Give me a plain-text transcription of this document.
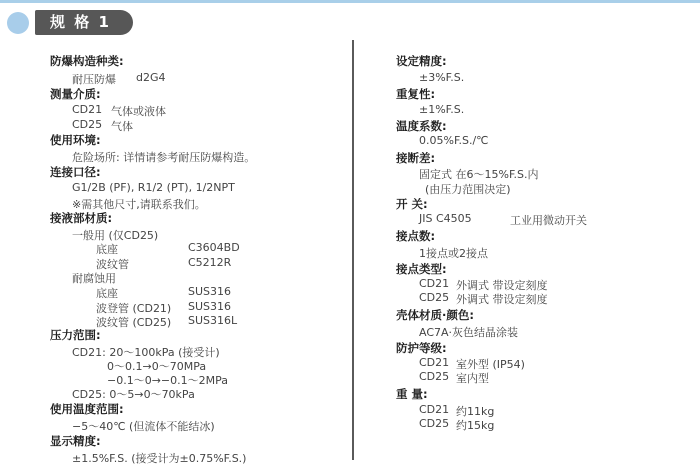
规 格 1
防爆构造种类:
耐压防爆 d2G4
测量介质:
CD21 气体或液体
CD25 气体
使用环境:
危险场所: 详情请参考耐压防爆构造。
连接口径:
G1/2B (PF), R1/2 (PT), 1/2NPT
※需其他尺寸,请联系我们。
接液部材质:
一般用 (仅CD25)
底座	C3604BD
波纹管	C5212R
耐腐蚀用
底座	SUS316
波登管 (CD21) SUS316
波纹管 (CD25) SUS316L
压力范围:
CD21: 20～100kPa (接受计)
0～0.1→0～70MPa
−0.1～0→−0.1～2MPa
CD25: 0～5→0～70kPa
使用温度范围:
−5～40℃ (但流体不能结冰)
显示精度:
±1.5%F.S. (接受计为±0.75%F.S.)
设定精度:
±3%F.S.
重复性:
±1%F.S.
温度系数:
0.05%F.S./℃
接断差:
固定式 在6～15%F.S.内
(由压力范围决定)
开 关:
JIS C4505	工业用微动开关
接点数:
1接点或2接点
接点类型:
CD21 外调式 带设定刻度
CD25 外调式 带设定刻度
壳体材质·颜色:
AC7A·灰色结晶涂装
防护等级:
CD21 室外型 (IP54)
CD25 室内型
重 量:
CD21 约11kg
CD25 约15kg
